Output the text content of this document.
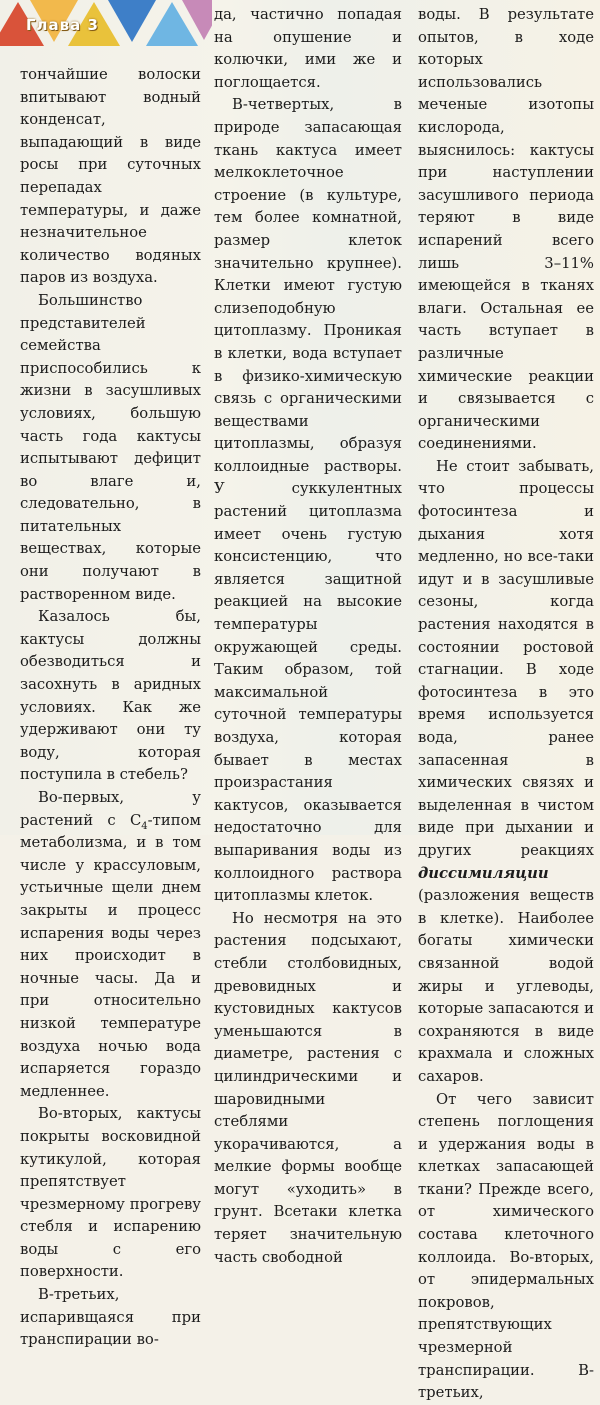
Глава 3

тончайшие волоски впитывают водный конденсат, выпадающий в виде росы при суточных перепадах температуры, и даже незначительное количество водяных паров из воздуха.

Большинство представителей семейства приспособились к жизни в засушливых условиях, большую часть года кактусы испытывают дефицит во влаге и, следовательно, в питательных веществах, которые они получают в растворенном виде.

Казалось бы, кактусы должны обезводиться и засохнуть в аридных условиях. Как же удерживают они ту воду, которая поступила в стебель?

Во-первых, у растений с $С_4$-типом метаболизма, и в том числе у крассуловым, устьичные щели днем закрыты и процесс испарения воды через них происходит в ночные часы. Да и при относительно низкой температуре воздуха ночью вода испаряется гораздо медленнее.

Во-вторых, кактусы покрыты восковидной кутикулой, которая препятствует чрезмерному прогреву стебля и испарению воды с его поверхности.

В-третьих, испаривщаяся при транспирации во-

да, частично попадая на опушение и колючки, ими же и поглощается.

В-четвертых, в природе запасающая ткань кактуса имеет мелкоклеточное строение (в культуре, тем более комнатной, размер клеток значительно крупнее). Клетки имеют густую слизеподобную цитоплазму. Проникая в клетки, вода вступает в физико-химическую связь с органическими веществами цитоплазмы, образуя коллоидные растворы. У суккулентных растений цитоплазма имеет очень густую консистенцию, что является защитной реакцией на высокие температуры окружающей среды. Таким образом, той максимальной суточной температуры воздуха, которая бывает в местах произрастания кактусов, оказывается недостаточно для выпаривания воды из коллоидного раствора цитоплазмы клеток.

Но несмотря на это растения подсыхают, стебли столбовидных, древовидных и кустовидных кактусов уменьшаются в диаметре, растения с цилиндрическими и шаровидными стеблями укорачиваются, а мелкие формы вообще могут «уходить» в грунт. Всетаки клетка теряет значительную часть свободной

воды. В результате опытов, в ходе которых использовались меченые изотопы кислорода, выяснилось: кактусы при наступлении засушливого периода теряют в виде испарений всего лишь 3–11% имеющейся в тканях влаги. Остальная ее часть вступает в различные химические реакции и связывается с органическими соединениями.

Не стоит забывать, что процессы фотосинтеза и дыхания хотя медленно, но все-таки идут и в засушливые сезоны, когда растения находятся в состоянии ростовой стагнации. В ходе фотосинтеза в это время используется вода, ранее запасенная в химических связях и выделенная в чистом виде при дыхании и других реакциях диссимиляции (разложения веществ в клетке). Наиболее богаты химически связанной водой жиры и углеводы, которые запасаются и сохраняются в виде крахмала и сложных сахаров.

От чего зависит степень поглощения и удержания воды в клетках запасающей ткани? Прежде всего, от химического состава клеточного коллоида. Во-вторых, от эпидермальных покровов, препятствующих чрезмерной транспирации. В-третьих,
